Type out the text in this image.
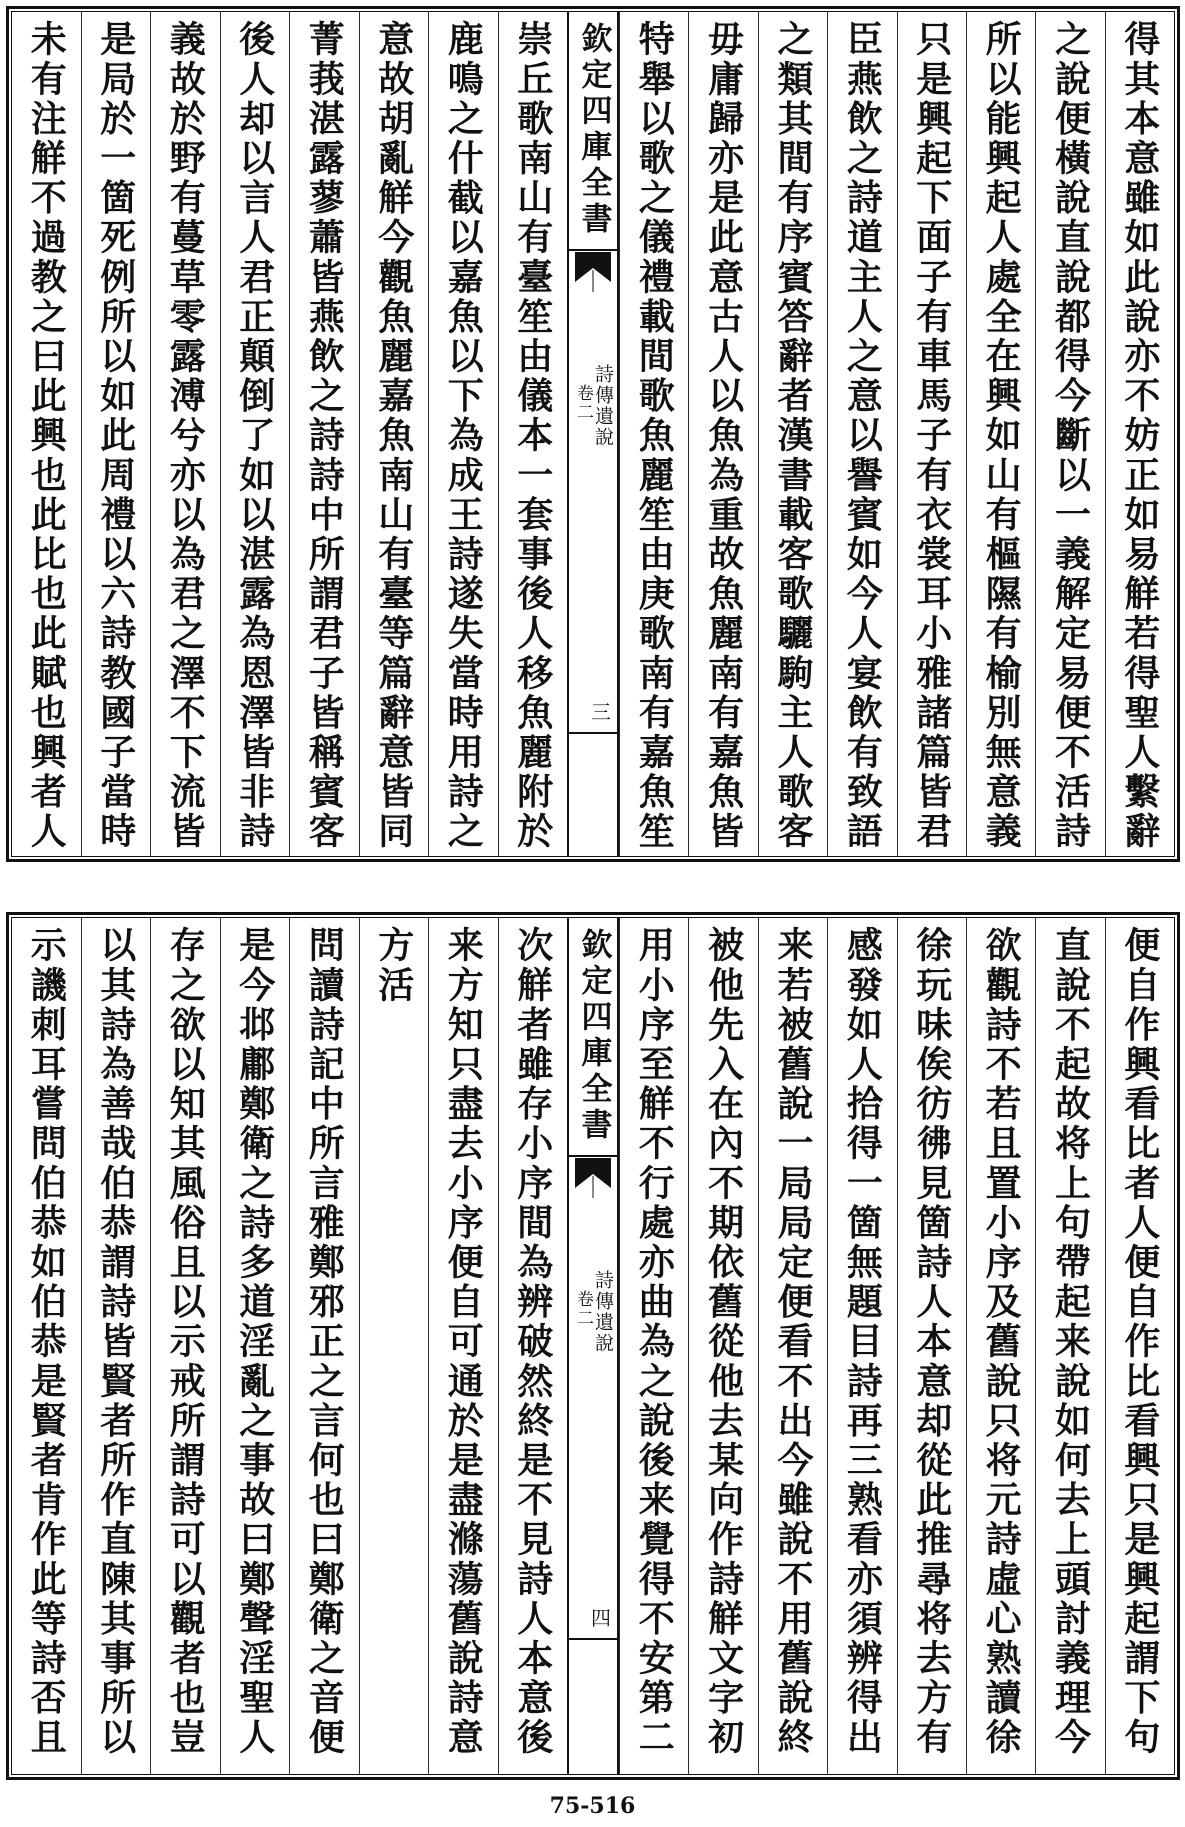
崇丘歌南山有臺笙由儀本一套事後人移魚麗附於
鹿鳴之什截以嘉魚以下為成王詩遂失當時用詩之
意故胡亂觧今觀魚麗嘉魚南山有臺等篇辭意皆同
菁莪湛露蓼蕭皆燕飲之詩詩中所謂君子皆稱賓客
後人却以言人君正顛倒了如以湛露為恩澤皆非詩
義故於野有蔓草零露溥兮亦以為君之澤不下流皆
是局於一箇死例所以如此周禮以六詩教國子當時
未有注觧不過教之曰此興也此比也此賦也興者人	欽定四庫全書
詩傳遺說
卷二
三	得其本意雖如此說亦不妨正如易觧若得聖人繫辭
之說便橫說直說都得今斷以一義解定易便不活詩
所以能興起人處全在興如山有樞隰有榆別無意義
只是興起下面子有車馬子有衣裳耳小雅諸篇皆君
臣燕飲之詩道主人之意以譽賓如今人宴飲有致語
之類其間有序賓答辭者漢書載客歌驪駒主人歌客
毋庸歸亦是此意古人以魚為重故魚麗南有嘉魚皆
特舉以歌之儀禮載間歌魚麗笙由庚歌南有嘉魚笙
次觧者雖存小序間為辨破然終是不見詩人本意後
来方知只盡去小序便自可通於是盡滌蕩舊說詩意
方活
問讀詩記中所言雅鄭邪正之言何也曰鄭衛之音便
是今邶鄘鄭衛之詩多道淫亂之事故曰鄭聲淫聖人
存之欲以知其風俗且以示戒所謂詩可以觀者也豈
以其詩為善哉伯恭謂詩皆賢者所作直陳其事所以
示譏刺耳嘗問伯恭如伯恭是賢者肯作此等詩否且	欽定四庫全書
詩傳遺說
卷二
四	便自作興看比者人便自作比看興只是興起謂下句
直說不起故将上句帶起来說如何去上頭討義理今
欲觀詩不若且置小序及舊說只将元詩虛心熟讀徐
徐玩味俟彷彿見箇詩人本意却從此推尋将去方有
感發如人拾得一箇無題目詩再三熟看亦須辨得出
来若被舊說一局局定便看不出今雖說不用舊說終
被他先入在內不期依舊從他去某向作詩觧文字初
用小序至觧不行處亦曲為之說後来覺得不安第二
75-516
